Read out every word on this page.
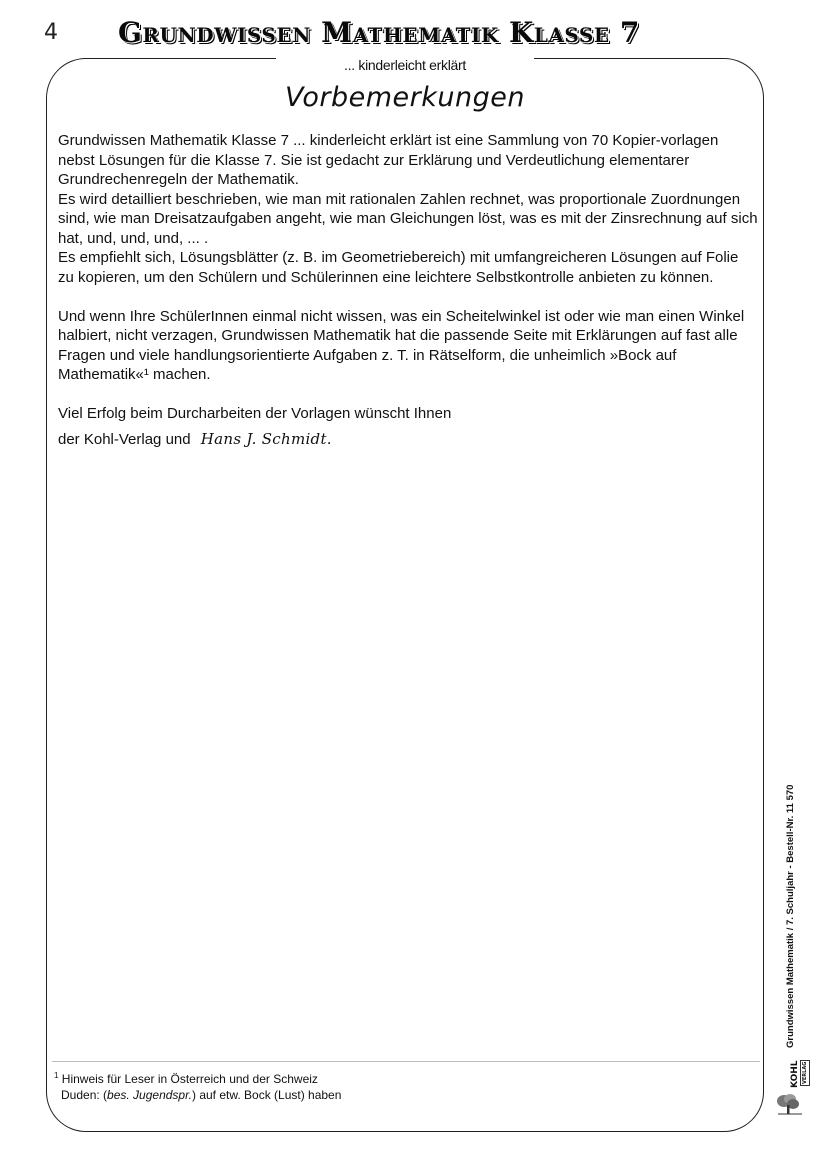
4 Grundwissen Mathematik Klasse 7
... kinderleicht erklärt
Vorbemerkungen

Grundwissen Mathematik Klasse 7 ... kinderleicht erklärt ist eine Sammlung von 70 Kopier-vorlagen nebst Lösungen für die Klasse 7. Sie ist gedacht zur Erklärung und Verdeutlichung elementarer Grundrechenregeln der Mathematik.

Es wird detailliert beschrieben, wie man mit rationalen Zahlen rechnet, was proportionale Zuordnungen sind, wie man Dreisatzaufgaben angeht, wie man Gleichungen löst, was es mit der Zinsrechnung auf sich hat, und, und, und, ... .

Es empfiehlt sich, Lösungsblätter (z. B. im Geometriebereich) mit umfangreicheren Lösungen auf Folie zu kopieren, um den Schülern und Schülerinnen eine leichtere Selbstkontrolle anbieten zu können.

Und wenn Ihre SchülerInnen einmal nicht wissen, was ein Scheitelwinkel ist oder wie man einen Winkel halbiert, nicht verzagen, Grundwissen Mathematik hat die passende Seite mit Erklärungen auf fast alle Fragen und viele handlungsorientierte Aufgaben z. T. in Rätselform, die unheimlich »Bock auf Mathematik«¹ machen.

Viel Erfolg beim Durcharbeiten der Vorlagen wünscht Ihnen

der Kohl-Verlag und Hans J. Schmidt.

$^1$ Hinweis für Leser in Österreich und der Schweiz
Duden: (bes. Jugendspr.) auf etw. Bock (Lust) haben
Grundwissen Mathematik / 7. Schuljahr - Bestell-Nr. 11 570
KOHL VERLAG
